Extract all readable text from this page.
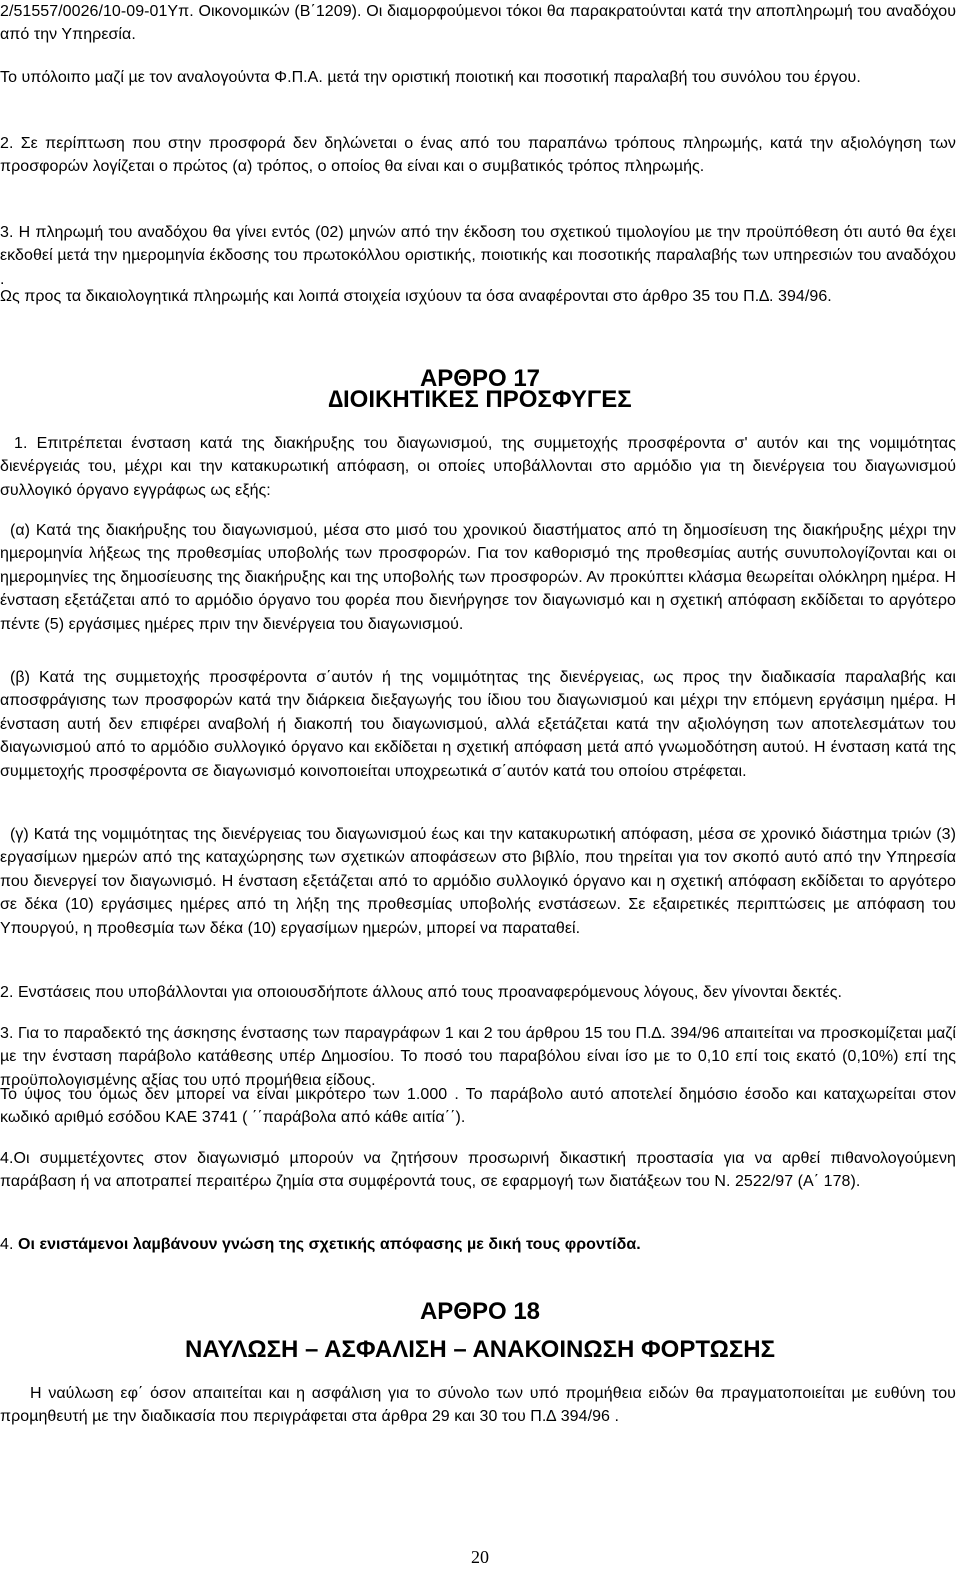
2/51557/0026/10-09-01Υπ. Οικονοµικών (Β΄1209). Οι διαµορφούµενοι τόκοι θα παρακρατούνται κατά την αποπληρωµή του αναδόχου από την Υπηρεσία.

Το υπόλοιπο µαζί µε τον αναλογούντα Φ.Π.Α. µετά την οριστική ποιοτική και ποσοτική παραλαβή του συνόλου του έργου.

2. Σε περίπτωση που στην προσφορά δεν δηλώνεται ο ένας από του παραπάνω τρόπους πληρωµής, κατά την αξιολόγηση των προσφορών λογίζεται ο πρώτος (α) τρόπος, ο οποίος θα είναι και ο συµβατικός τρόπος πληρωµής.

3. Η πληρωµή του αναδόχου θα γίνει εντός (02) µηνών από την έκδοση του σχετικού τιµολογίου µε την προϋπόθεση ότι αυτό θα έχει εκδοθεί µετά την ηµεροµηνία έκδοσης του πρωτοκόλλου οριστικής, ποιοτικής και ποσοτικής παραλαβής των υπηρεσιών του αναδόχου .

Ως προς τα δικαιολογητικά πληρωµής και λοιπά στοιχεία ισχύουν τα όσα αναφέρονται στο άρθρο 35 του Π.∆. 394/96.

ΑΡΘΡΟ 17
∆ΙΟΙΚΗΤΙΚΕΣ ΠΡΟΣΦΥΓΕΣ

1. Επιτρέπεται ένσταση κατά της διακήρυξης του διαγωνισµού, της συµµετοχής προσφέροντα σ' αυτόν και της νοµιµότητας διενέργειάς του, µέχρι και την κατακυρωτική απόφαση, οι οποίες υποβάλλονται στο αρµόδιο για τη διενέργεια του διαγωνισµού συλλογικό όργανο εγγράφως ως εξής:

(α) Κατά της διακήρυξης του διαγωνισµού, µέσα στο µισό του χρονικού διαστήµατος από τη δηµοσίευση της διακήρυξης µέχρι την ηµεροµηνία λήξεως της προθεσµίας υποβολής των προσφορών. Για τον καθορισµό της προθεσµίας αυτής συνυπολογίζονται και οι ηµεροµηνίες της δηµοσίευσης της διακήρυξης και της υποβολής των προσφορών. Αν προκύπτει κλάσµα θεωρείται ολόκληρη ηµέρα. Η ένσταση εξετάζεται από το αρµόδιο όργανο του φορέα που διενήργησε τον διαγωνισµό και η σχετική απόφαση εκδίδεται το αργότερο πέντε (5) εργάσιµες ηµέρες πριν την διενέργεια του διαγωνισµού.

(β) Κατά της συµµετοχής προσφέροντα σ΄αυτόν ή της νοµιµότητας της διενέργειας, ως προς την διαδικασία παραλαβής και αποσφράγισης των προσφορών κατά την διάρκεια διεξαγωγής του ίδιου του διαγωνισµού και µέχρι την επόµενη εργάσιµη ηµέρα. Η ένσταση αυτή δεν επιφέρει αναβολή ή διακοπή του διαγωνισµού, αλλά εξετάζεται κατά την αξιολόγηση των αποτελεσµάτων του διαγωνισµού από το αρµόδιο συλλογικό όργανο και εκδίδεται η σχετική απόφαση µετά από γνωµοδότηση αυτού. Η ένσταση κατά της συµµετοχής προσφέροντα σε διαγωνισµό κοινοποιείται υποχρεωτικά σ΄αυτόν κατά του οποίου στρέφεται.

(γ) Κατά της νοµιµότητας της διενέργειας του διαγωνισµού έως και την κατακυρωτική απόφαση, µέσα σε χρονικό διάστηµα τριών (3) εργασίµων ηµερών από της καταχώρησης των σχετικών αποφάσεων στο βιβλίο, που τηρείται για τον σκοπό αυτό από την Υπηρεσία που διενεργεί τον διαγωνισµό. Η ένσταση εξετάζεται από το αρµόδιο συλλογικό όργανο και η σχετική απόφαση εκδίδεται το αργότερο σε δέκα (10) εργάσιµες ηµέρες από τη λήξη της προθεσµίας υποβολής ενστάσεων. Σε εξαιρετικές περιπτώσεις µε απόφαση του Υπουργού, η προθεσµία των δέκα (10) εργασίµων ηµερών, µπορεί να παραταθεί.

2. Ενστάσεις που υποβάλλονται για οποιουσδήποτε άλλους από τους προαναφερόµενους λόγους, δεν γίνονται δεκτές.

3. Για το παραδεκτό της άσκησης ένστασης των παραγράφων 1 και 2 του άρθρου 15 του Π.∆. 394/96 απαιτείται να προσκοµίζεται µαζί µε την ένσταση παράβολο κατάθεσης υπέρ ∆ηµοσίου. Το ποσό του παραβόλου είναι ίσο µε το 0,10 επί τοις εκατό (0,10%) επί της προϋπολογισµένης αξίας του υπό προµήθεια είδους.

Το ύψος του όµως δεν µπορεί να είναι µικρότερο των 1.000 . Το παράβολο αυτό αποτελεί δηµόσιο έσοδο και καταχωρείται στον κωδικό αριθµό εσόδου ΚΑΕ 3741 ( ΄΄παράβολα από κάθε αιτία΄΄).

4.Οι συµµετέχοντες στον διαγωνισµό µπορούν να ζητήσουν προσωρινή δικαστική προστασία για να αρθεί πιθανολογούµενη παράβαση ή να αποτραπεί περαιτέρω ζηµία στα συµφέροντά τους, σε εφαρµογή των διατάξεων του Ν. 2522/97 (Α΄ 178).

4. Οι ενιστάµενοι λαµβάνουν γνώση της σχετικής απόφασης µε δική τους φροντίδα.

ΑΡΘΡΟ 18
ΝΑΥΛΩΣΗ – ΑΣΦΑΛΙΣΗ – ΑΝΑΚΟΙΝΩΣΗ ΦΟΡΤΩΣΗΣ

Η ναύλωση εφ΄ όσον απαιτείται και η ασφάλιση για το σύνολο των υπό προµήθεια ειδών θα πραγµατοποιείται µε ευθύνη του προµηθευτή µε την διαδικασία που περιγράφεται στα άρθρα 29 και 30 του Π.∆ 394/96 .

20
